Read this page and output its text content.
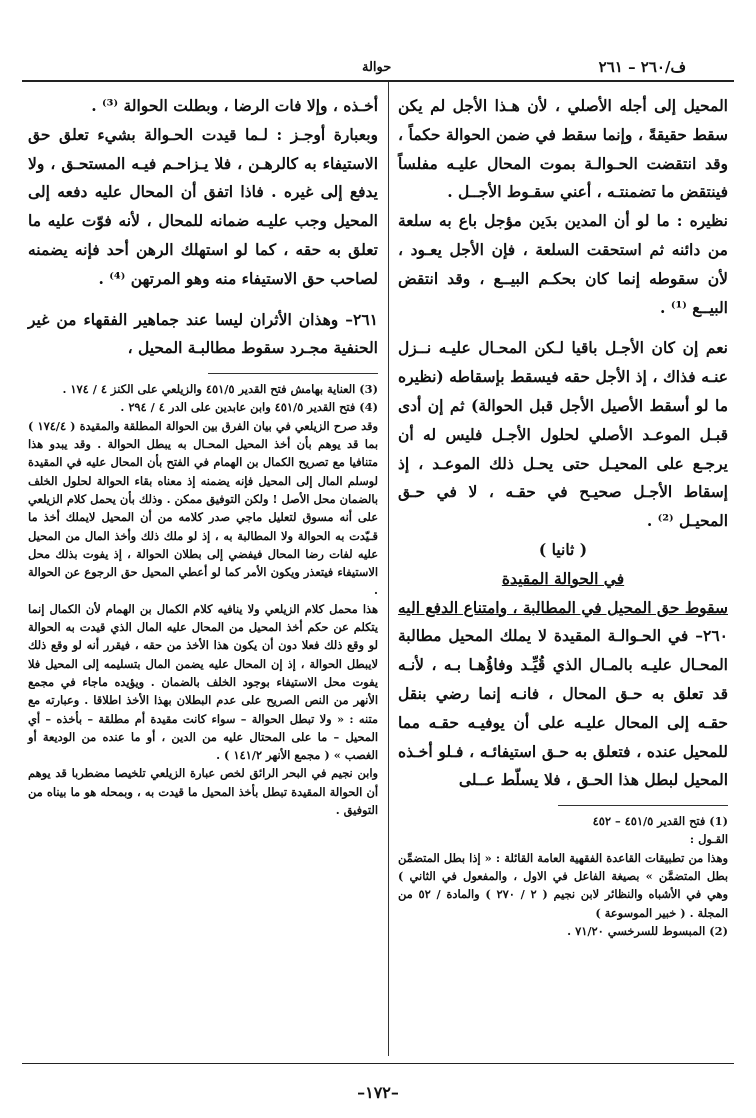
حوالة	ف/٢٦٠ – ٢٦١

المحيل إلى أجله الأصلي ، لأن هـذا الأجل لم يكن سقط حقيقةً ، وإنما سقط في ضمن الحوالة حكماً ، وقد انتقضت الحـوالـة بموت المحال عليـه مفلساً فينتقض ما تضمنتـه ، أعني سقـوط الأجــل .

نظيره : ما لو أن المدين بدَين مؤجل باع به سلعة من دائنه ثم استحقت السلعة ، فإن الأجل يعـود ، لأن سقوطه إنما كان بحكـم البيــع ، وقد انتقض البيــع ⁽¹⁾ .

نعم إن كان الأجـل باقيا لـكن المحـال عليـه نــزل عنـه فذاك ، إذ الأجل حقه فيسقط بإسقاطه (نظيره ما لو أسقط الأصيل الأجل قبل الحوالة) ثم إن أدى قبـل الموعـد الأصلي لحلول الأجـل فليس له أن يرجـع على المحيـل حتى يحـل ذلك الموعـد ، إذ إسقاط الأجـل صحيـح في حقـه ، لا في حـق المحيـل ⁽²⁾ .

( ثانيا )

في الحوالة المقيدة

سقوط حق المحيل في المطالبة ، وامتناع الدفع اليه

٢٦٠– في الحـوالـة المقيدة لا يملك المحيل مطالبة المحـال عليـه بالمـال الذي قُيِّـد وفاؤُهـا بـه ، لأنـه قد تعلق به حـق المحال ، فانـه إنما رضي بنقل حقـه إلى المحال عليـه على أن يوفيـه حقـه مما للمحيل عنده ، فتعلق به حـق استيفائـه ، فـلو أخـذه المحيل لبطل هذا الحـق ، فلا يسلّط عــلى

(1) فتح القدير ٤٥١/٥ – ٤٥٢

القـول :

وهذا من تطبيقات القاعدة الفقهية العامة القائلة : « إذا بطل المتضمِّن بطل المتضمَّن » بصيغة الفاعل في الاول ، والمفعول في الثاني ) وهي في الأشباه والنظائر لابن نجيم ( ٢ / ٢٧٠ ) والمادة / ٥٢ من المجلة . ( خبير الموسوعة )

(2) المبسوط للسرخسي ٧١/٢٠ .

أخـذه ، وإلا فات الرضا ، وبطلت الحوالة ⁽³⁾ .

وبعبارة أوجـز : لـما قيدت الحـوالة بشيء تعلق حق الاستيفاء به كالرهـن ، فلا يـزاحـم فيـه المستحـق ، ولا يدفع إلى غيره . فاذا اتفق أن المحال عليه دفعه إلى المحيل وجب عليـه ضمانه للمحال ، لأنه فوّت عليه ما تعلق به حقه ، كما لو استهلك الرهن أحد فإنه يضمنه لصاحب حق الاستيفاء منه وهو المرتهن ⁽⁴⁾ .

٢٦١– وهذان الأثران ليسا عند جماهير الفقهاء من غير الحنفية مجـرد سقوط مطالبـة المحيل ،

(3) العناية بهامش فتح القدير ٤٥١/٥ والزيلعي على الكنز ٤ / ١٧٤ .

(4) فتح القدير ٤٥١/٥ وابن عابدين على الدر ٤ / ٢٩٤ .

وقد صرح الزيلعي في بيان الفرق بين الحوالة المطلقة والمقيدة ( ١٧٤/٤ ) بما قد يوهم بأن أخذ المحيل المحـال به يبطل الحوالة . وقد يبدو هذا متنافيا مع تصريح الكمال بن الهمام في الفتح بأن المحال عليه في المقيدة لوسلم المال إلى المحيل فإنه يضمنه إذ معناه بقاء الحوالة لحلول الخلف بالضمان محل الأصل ! ولكن التوفيق ممكن . وذلك بأن يحمل كلام الزيلعي على أنه مسوق لتعليل ماجي صدر كلامه من أن المحيل لايملك أخذ ما قـيّدت به الحوالة ولا المطالبة به ، إذ لو ملك ذلك وأخذ المال من المحيل عليه لفات رضا المحال فيفضي إلى بطلان الحوالة ، إذ يفوت بذلك محل الاستيفاء فيتعذر ويكون الأمر كما لو أعطي المحيل حق الرجوع عن الحوالة .

هذا محمل كلام الزيلعي ولا ينافيه كلام الكمال بن الهمام لأن الكمال إنما يتكلم عن حكم أخذ المحيل من المحال عليه المال الذي قيدت به الحوالة لو وقع ذلك فعلا دون أن يكون هذا الأخذ من حقه ، فيقرر أنه لو وقع ذلك لايبطل الحوالة ، إذ إن المحال عليه يضمن المال بتسليمه إلى المحيل فلا يفوت محل الاستيفاء بوجود الخلف بالضمان . ويؤيده ماجاء في مجمع الأنهر من النص الصريح على عدم البطلان بهذا الأخذ اطلاقا . وعبارته مع متنه : « ولا تبطل الحوالة – سواء كانت مقيدة أم مطلقة – بأخذه – أي المحيل – ما على المحتال عليه من الدين ، أو ما عنده من الوديعة أو الغصب » ( مجمع الأنهر ١٤١/٢ ) .

وابن نجيم في البحر الرائق لخص عبارة الزيلعي تلخيصا مضطربا قد يوهم أن الحوالة المقيدة تبطل بأخذ المحيل ما قيدت به ، وبمحله هو ما بيناه من التوفيق .

–١٧٢–
